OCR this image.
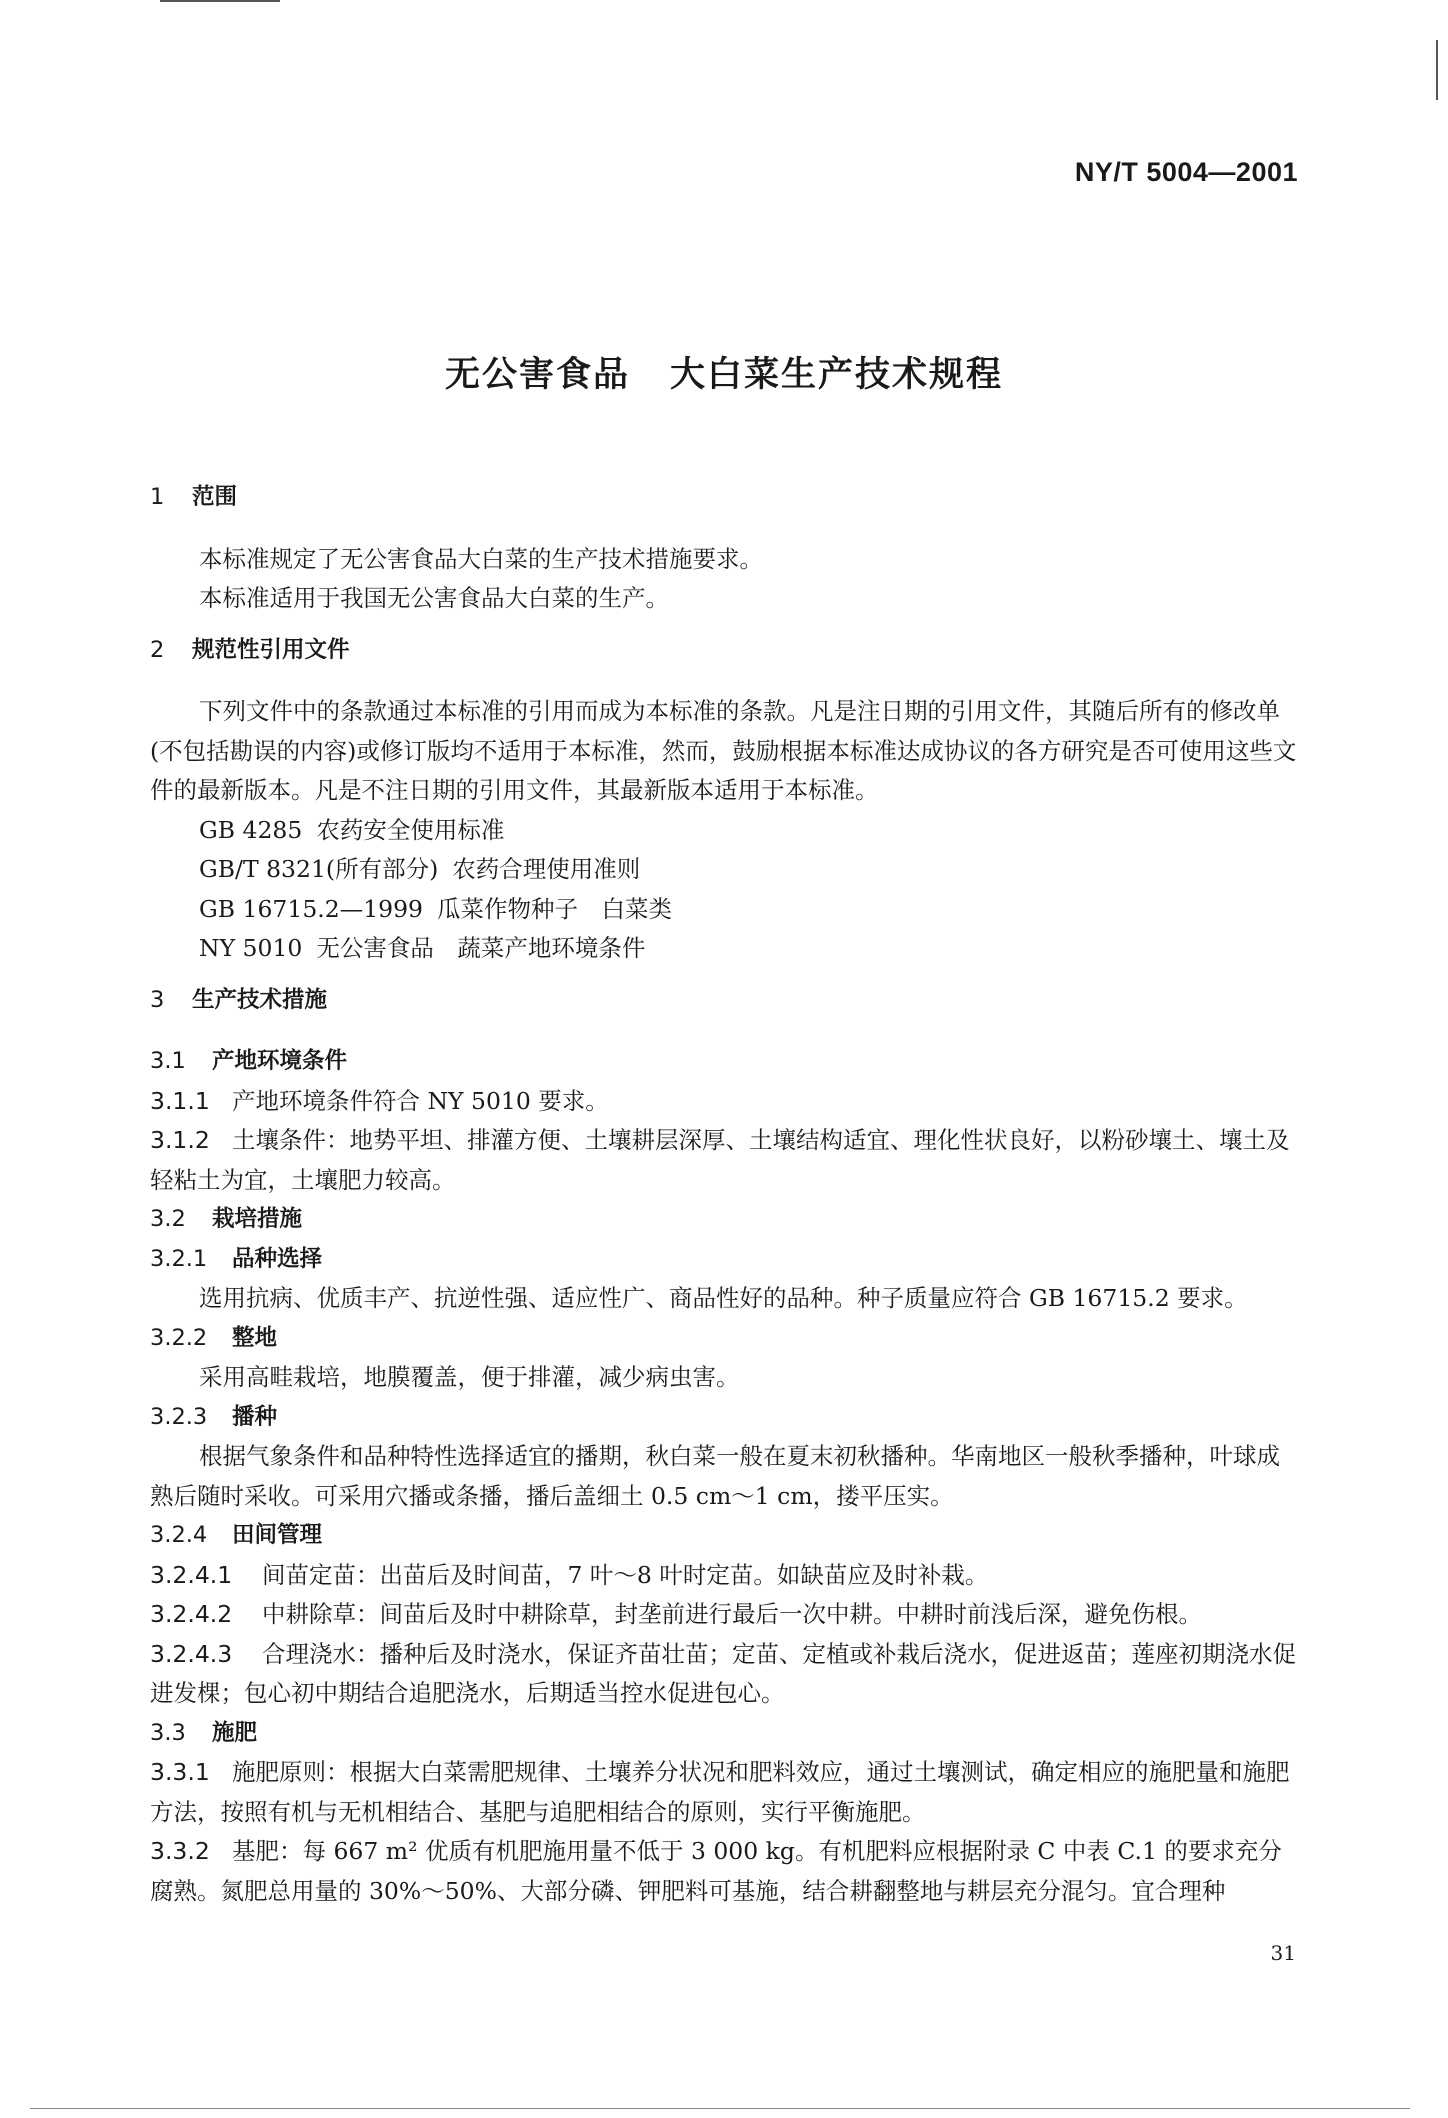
NY/T 5004—2001
无公害食品 大白菜生产技术规程

1 范围

本标准规定了无公害食品大白菜的生产技术措施要求。

本标准适用于我国无公害食品大白菜的生产。

2 规范性引用文件

下列文件中的条款通过本标准的引用而成为本标准的条款。凡是注日期的引用文件，其随后所有的修改单(不包括勘误的内容)或修订版均不适用于本标准，然而，鼓励根据本标准达成协议的各方研究是否可使用这些文件的最新版本。凡是不注日期的引用文件，其最新版本适用于本标准。

GB 4285 农药安全使用标准

GB/T 8321(所有部分) 农药合理使用准则

GB 16715.2—1999 瓜菜作物种子　白菜类

NY 5010 无公害食品　蔬菜产地环境条件

3 生产技术措施

3.1 产地环境条件

3.1.1 产地环境条件符合 NY 5010 要求。

3.1.2 土壤条件：地势平坦、排灌方便、土壤耕层深厚、土壤结构适宜、理化性状良好，以粉砂壤土、壤土及轻粘土为宜，土壤肥力较高。

3.2 栽培措施

3.2.1 品种选择

选用抗病、优质丰产、抗逆性强、适应性广、商品性好的品种。种子质量应符合 GB 16715.2 要求。

3.2.2 整地

采用高畦栽培，地膜覆盖，便于排灌，减少病虫害。

3.2.3 播种

根据气象条件和品种特性选择适宜的播期，秋白菜一般在夏末初秋播种。华南地区一般秋季播种，叶球成熟后随时采收。可采用穴播或条播，播后盖细土 0.5 cm～1 cm，搂平压实。

3.2.4 田间管理

3.2.4.1 间苗定苗：出苗后及时间苗，7 叶～8 叶时定苗。如缺苗应及时补栽。

3.2.4.2 中耕除草：间苗后及时中耕除草，封垄前进行最后一次中耕。中耕时前浅后深，避免伤根。

3.2.4.3 合理浇水：播种后及时浇水，保证齐苗壮苗；定苗、定植或补栽后浇水，促进返苗；莲座初期浇水促进发棵；包心初中期结合追肥浇水，后期适当控水促进包心。

3.3 施肥

3.3.1 施肥原则：根据大白菜需肥规律、土壤养分状况和肥料效应，通过土壤测试，确定相应的施肥量和施肥方法，按照有机与无机相结合、基肥与追肥相结合的原则，实行平衡施肥。

3.3.2 基肥：每 667 m² 优质有机肥施用量不低于 3 000 kg。有机肥料应根据附录 C 中表 C.1 的要求充分腐熟。氮肥总用量的 30%～50%、大部分磷、钾肥料可基施，结合耕翻整地与耕层充分混匀。宜合理种

31
